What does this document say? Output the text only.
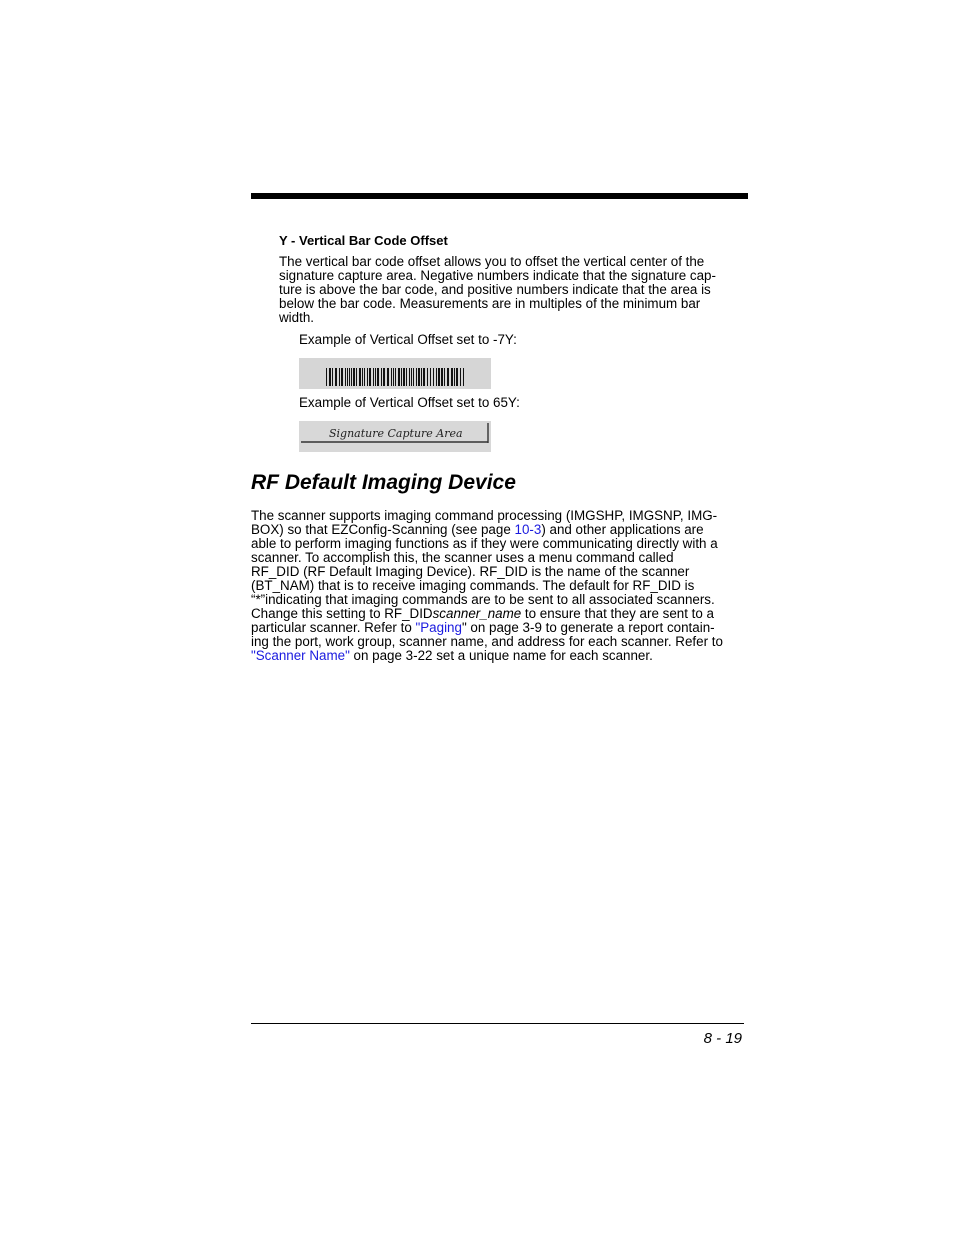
Y - Vertical Bar Code Offset
The vertical bar code offset allows you to offset the vertical center of the
signature capture area. Negative numbers indicate that the signature cap-
ture is above the bar code, and positive numbers indicate that the area is
below the bar code. Measurements are in multiples of the minimum bar
width.
Example of Vertical Offset set to -7Y:
Example of Vertical Offset set to 65Y:
Signature Capture Area
RF Default Imaging Device
The scanner supports imaging command processing (IMGSHP, IMGSNP, IMG-
BOX) so that EZConfig-Scanning (see page 10-3) and other applications are
able to perform imaging functions as if they were communicating directly with a
scanner. To accomplish this, the scanner uses a menu command called
RF_DID (RF Default Imaging Device). RF_DID is the name of the scanner
(BT_NAM) that is to receive imaging commands. The default for RF_DID is
“*”indicating that imaging commands are to be sent to all associated scanners.
Change this setting to RF_DIDscanner_name to ensure that they are sent to a
particular scanner. Refer to "Paging" on page 3-9 to generate a report contain-
ing the port, work group, scanner name, and address for each scanner. Refer to
"Scanner Name" on page 3-22 set a unique name for each scanner.
8 - 19
